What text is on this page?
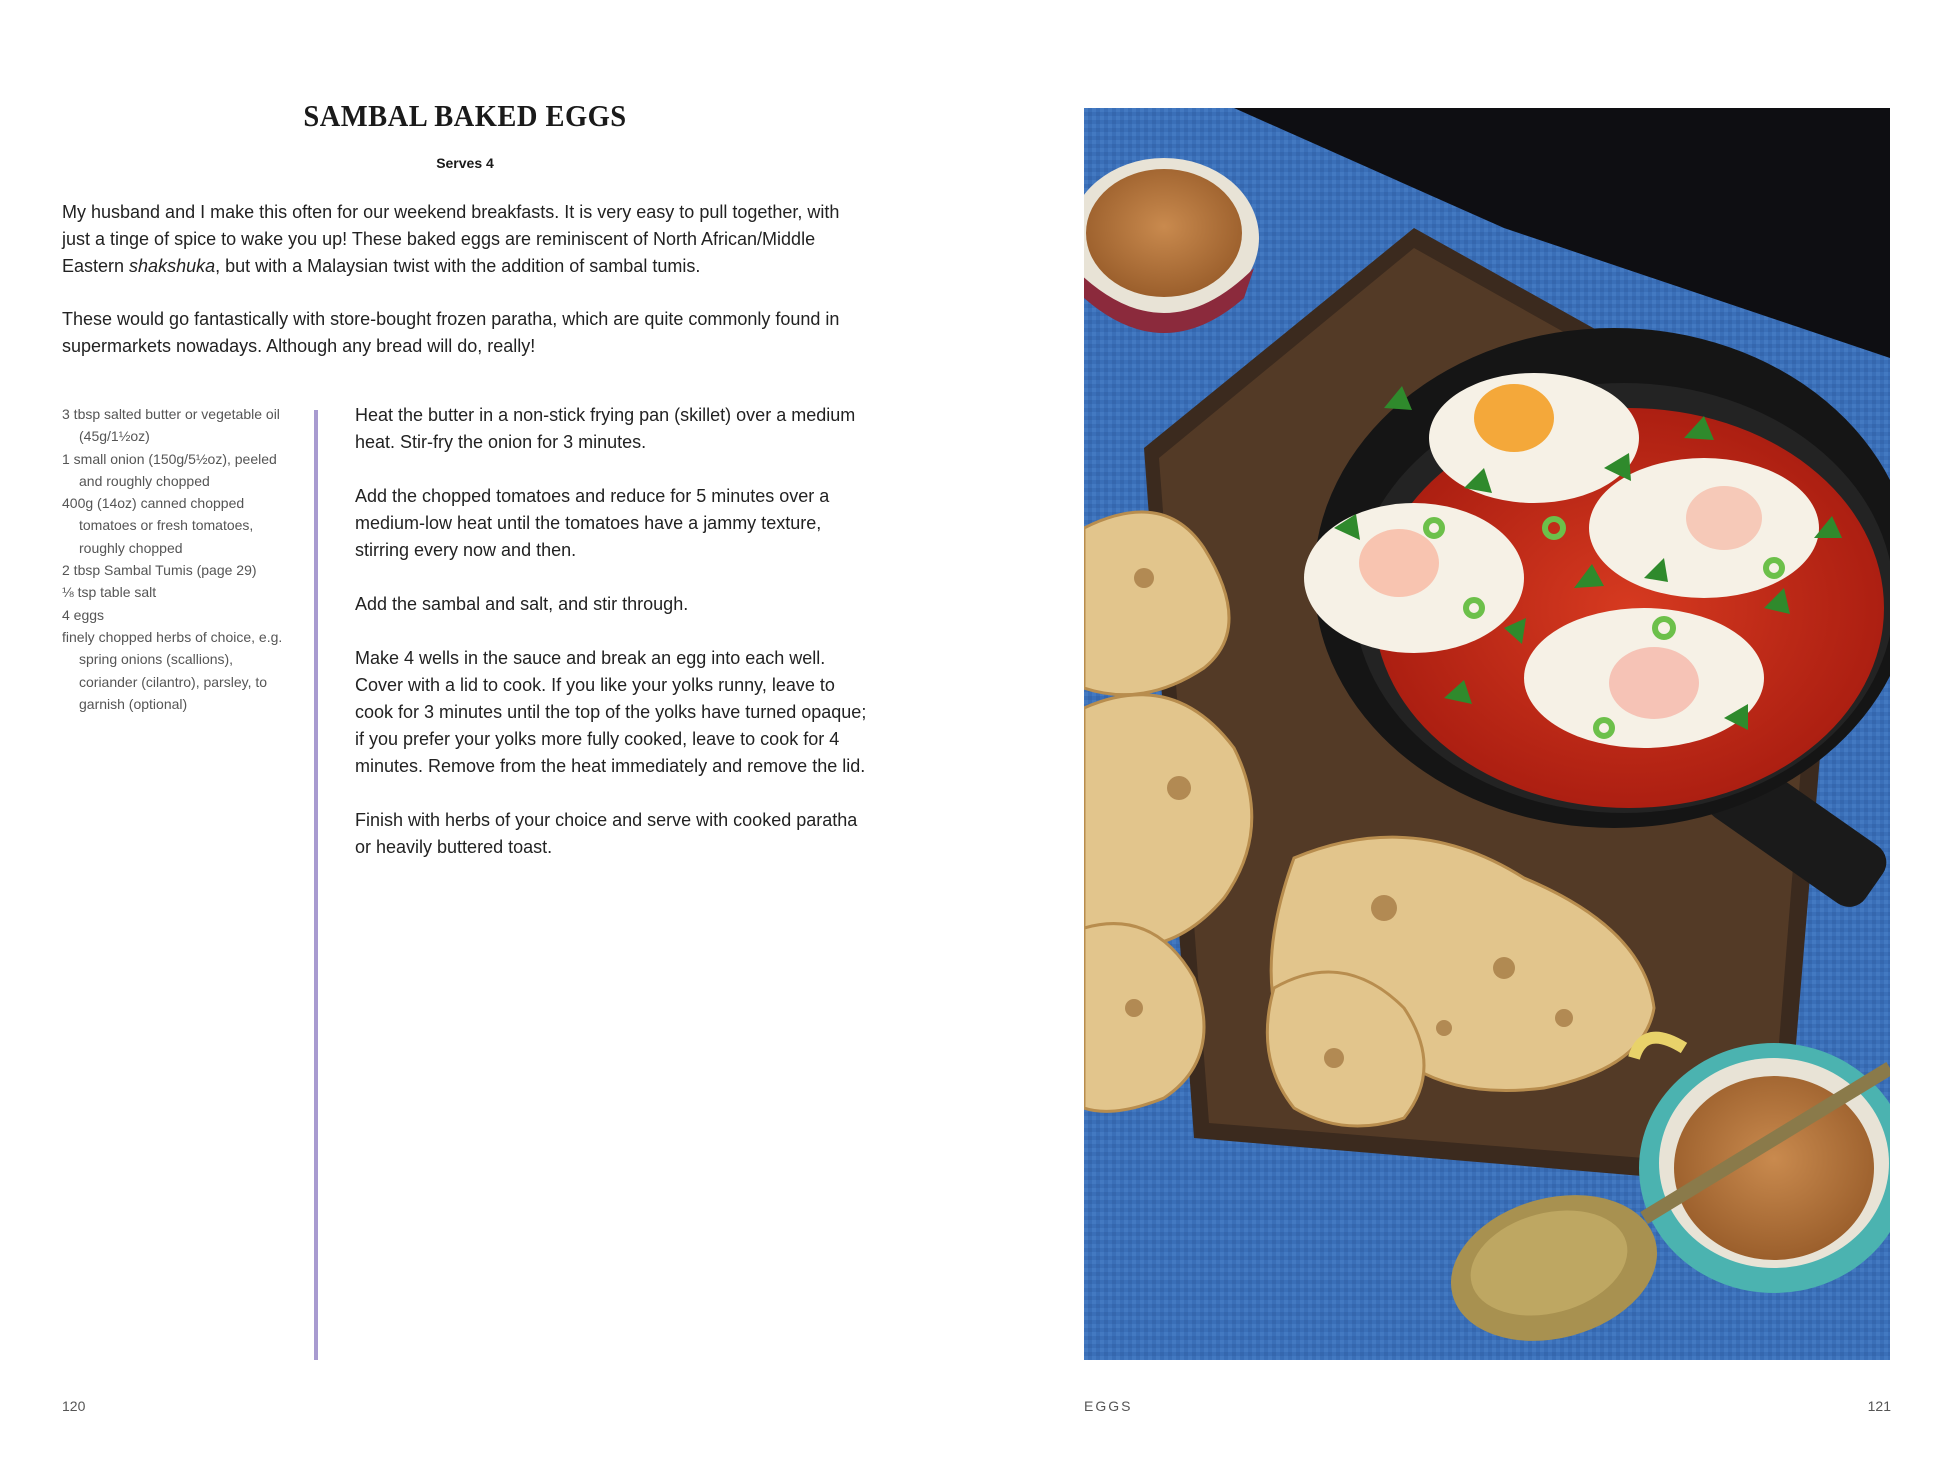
SAMBAL BAKED EGGS
Serves 4

My husband and I make this often for our weekend breakfasts. It is very easy to pull together, with just a tinge of spice to wake you up! These baked eggs are reminiscent of North African/Middle Eastern shakshuka, but with a Malaysian twist with the addition of sambal tumis.

These would go fantastically with store-bought frozen paratha, which are quite commonly found in supermarkets nowadays. Although any bread will do, really!

3 tbsp salted butter or vegetable oil (45g/1½oz)
1 small onion (150g/5½oz), peeled and roughly chopped
400g (14oz) canned chopped tomatoes or fresh tomatoes, roughly chopped
2 tbsp Sambal Tumis (page 29)
⅛ tsp table salt
4 eggs
finely chopped herbs of choice, e.g. spring onions (scallions), coriander (cilantro), parsley, to garnish (optional)
Heat the butter in a non-stick frying pan (skillet) over a medium heat. Stir-fry the onion for 3 minutes.
Add the chopped tomatoes and reduce for 5 minutes over a medium-low heat until the tomatoes have a jammy texture, stirring every now and then.
Add the sambal and salt, and stir through.
Make 4 wells in the sauce and break an egg into each well. Cover with a lid to cook. If you like your yolks runny, leave to cook for 3 minutes until the top of the yolks have turned opaque; if you prefer your yolks more fully cooked, leave to cook for 4 minutes. Remove from the heat immediately and remove the lid.
Finish with herbs of your choice and serve with cooked paratha or heavily buttered toast.
120	EGGS	121
